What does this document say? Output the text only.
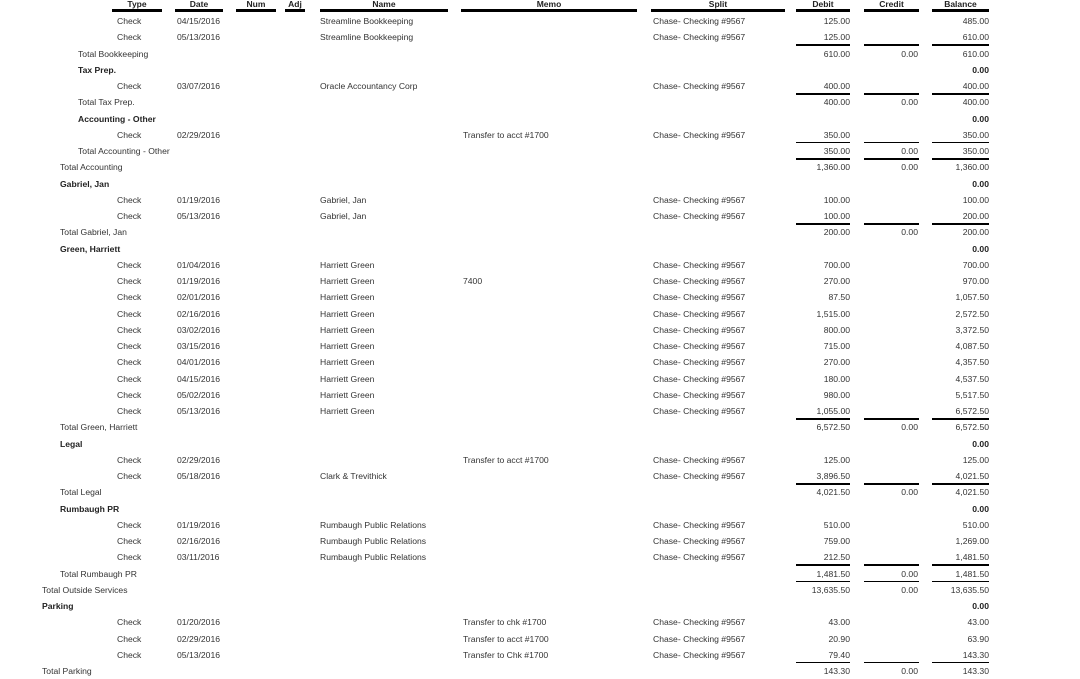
Type	Date	Num	Adj	Name	Memo	Split	Debit	Credit	Balance
Check	04/15/2016	Streamline Bookkeeping	Chase- Checking #9567	125.00	485.00
Check	05/13/2016	Streamline Bookkeeping	Chase- Checking #9567	125.00	610.00
Total Bookkeeping	610.00	0.00	610.00
Tax Prep.	0.00
Check	03/07/2016	Oracle Accountancy Corp	Chase- Checking #9567	400.00	400.00
Total Tax Prep.	400.00	0.00	400.00
Accounting - Other	0.00
Check	02/29/2016	Transfer to acct #1700	Chase- Checking #9567	350.00	350.00
Total Accounting - Other	350.00	0.00	350.00
Total Accounting	1,360.00	0.00	1,360.00
Gabriel, Jan	0.00
Check	01/19/2016	Gabriel, Jan	Chase- Checking #9567	100.00	100.00
Check	05/13/2016	Gabriel, Jan	Chase- Checking #9567	100.00	200.00
Total Gabriel, Jan	200.00	0.00	200.00
Green, Harriett	0.00
Check	01/04/2016	Harriett Green	Chase- Checking #9567	700.00	700.00
Check	01/19/2016	Harriett Green	7400	Chase- Checking #9567	270.00	970.00
Check	02/01/2016	Harriett Green	Chase- Checking #9567	87.50	1,057.50
Check	02/16/2016	Harriett Green	Chase- Checking #9567	1,515.00	2,572.50
Check	03/02/2016	Harriett Green	Chase- Checking #9567	800.00	3,372.50
Check	03/15/2016	Harriett Green	Chase- Checking #9567	715.00	4,087.50
Check	04/01/2016	Harriett Green	Chase- Checking #9567	270.00	4,357.50
Check	04/15/2016	Harriett Green	Chase- Checking #9567	180.00	4,537.50
Check	05/02/2016	Harriett Green	Chase- Checking #9567	980.00	5,517.50
Check	05/13/2016	Harriett Green	Chase- Checking #9567	1,055.00	6,572.50
Total Green, Harriett	6,572.50	0.00	6,572.50
Legal	0.00
Check	02/29/2016	Transfer to acct #1700	Chase- Checking #9567	125.00	125.00
Check	05/18/2016	Clark & Trevithick	Chase- Checking #9567	3,896.50	4,021.50
Total Legal	4,021.50	0.00	4,021.50
Rumbaugh PR	0.00
Check	01/19/2016	Rumbaugh Public Relations	Chase- Checking #9567	510.00	510.00
Check	02/16/2016	Rumbaugh Public Relations	Chase- Checking #9567	759.00	1,269.00
Check	03/11/2016	Rumbaugh Public Relations	Chase- Checking #9567	212.50	1,481.50
Total Rumbaugh PR	1,481.50	0.00	1,481.50
Total Outside Services	13,635.50	0.00	13,635.50
Parking	0.00
Check	01/20/2016	Transfer to chk #1700	Chase- Checking #9567	43.00	43.00
Check	02/29/2016	Transfer to acct #1700	Chase- Checking #9567	20.90	63.90
Check	05/13/2016	Transfer to Chk #1700	Chase- Checking #9567	79.40	143.30
Total Parking	143.30	0.00	143.30
